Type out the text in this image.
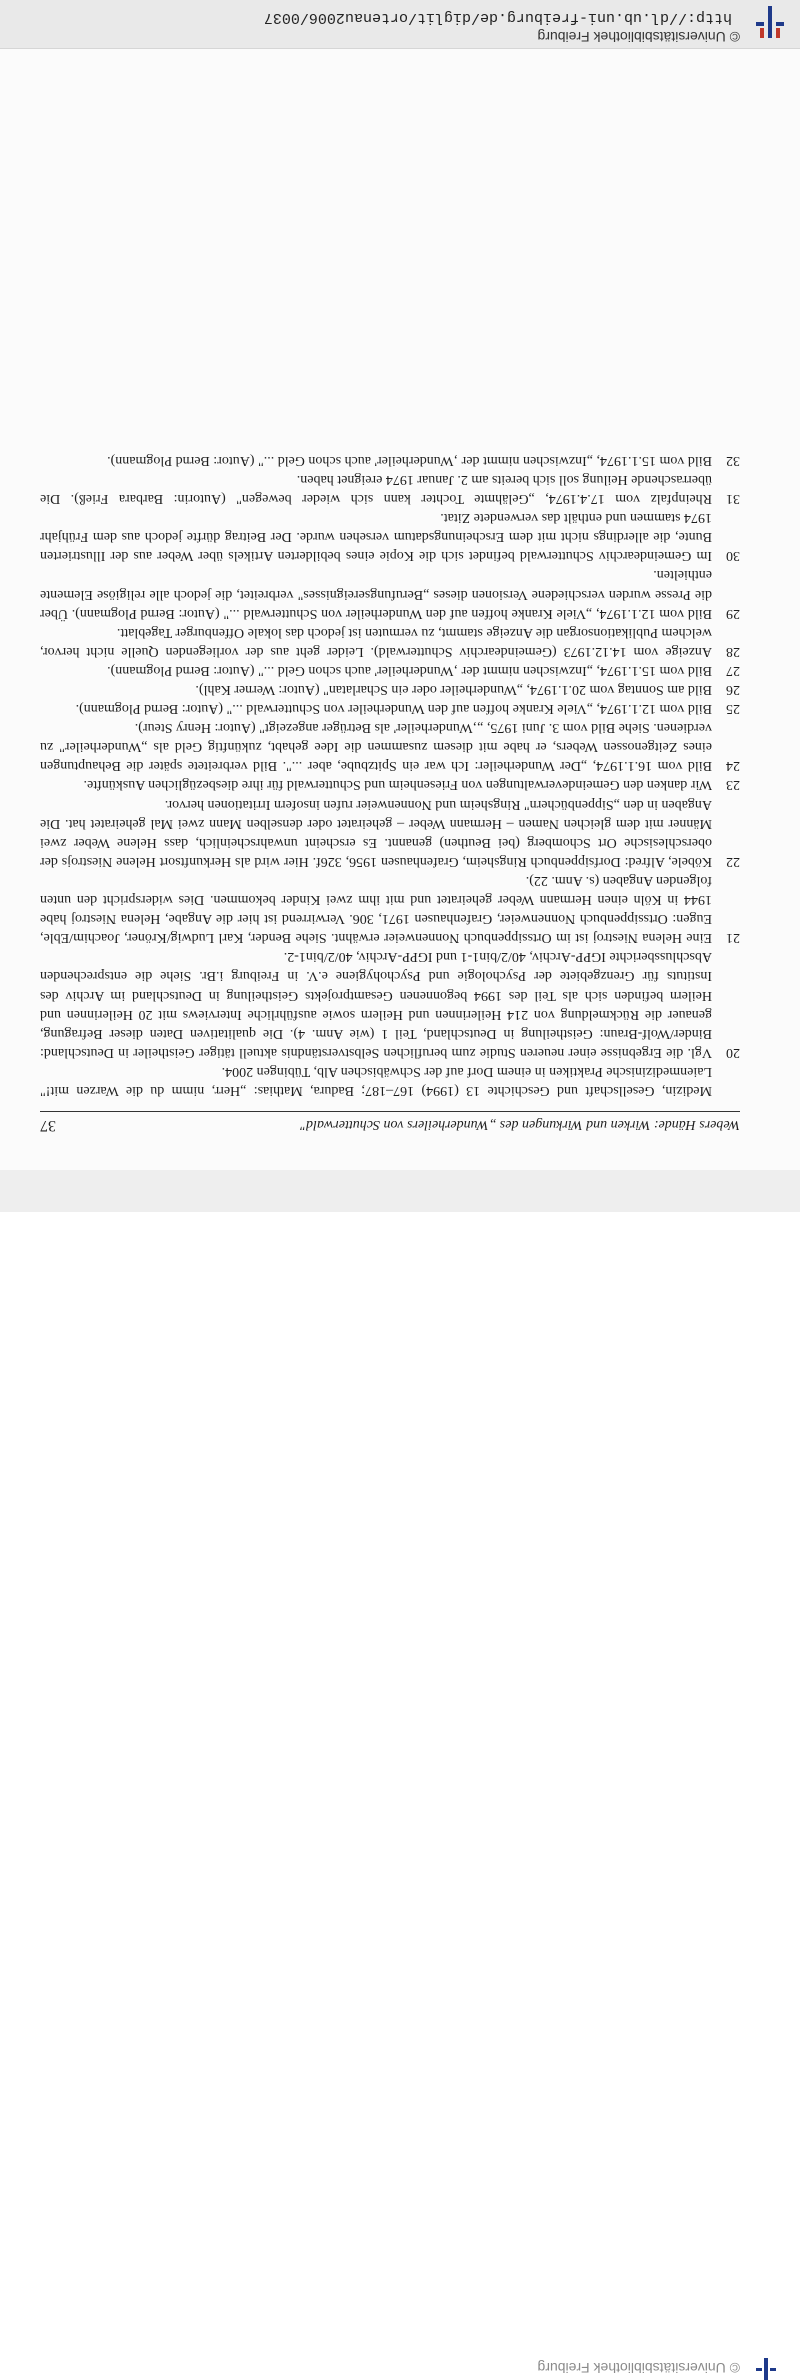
http://dl.ub.uni-freiburg.de/diglit/ortenau2006/0037
© Universitätsbibliothek Freiburg
Webers Hände: Wirken und Wirkungen des „Wunderheilers von Schutterwald"
37
Medizin, Gesellschaft und Geschichte 13 (1994) 167–187; Badura, Mathias: „Herr, nimm du die Warzen mit!" Laienmedizinische Praktiken in einem Dorf auf der Schwäbischen Alb, Tübingen 2004.
20
Vgl. die Ergebnisse einer neueren Studie zum beruflichen Selbstverständnis aktuell tätiger Geistheiler in Deutschland: Binder/Wolf-Braun: Geistheilung in Deutschland, Teil 1 (wie Anm. 4). Die qualitativen Daten dieser Befragung, genauer die Rückmeldung von 214 Heilerinnen und Heilern sowie ausführliche Interviews mit 20 Heilerinnen und Heilern befinden sich als Teil des 1994 begonnenen Gesamtprojekts Geistheilung in Deutschland im Archiv des Instituts für Grenzgebiete der Psychologie und Psychohygiene e.V. in Freiburg i.Br. Siehe die entsprechenden Abschlussberichte IGPP-Archiv, 40/2/bin1-1 und IGPP-Archiv, 40/2/bin1-2.
21
Eine Helena Niestroj ist im Ortssippenbuch Nonnenweier erwähnt. Siehe Bender, Karl Ludwig/Kröner, Joachim/Eble, Eugen: Ortssippenbuch Nonnenweier, Grafenhausen 1971, 306. Verwirrend ist hier die Angabe, Helena Niestroj habe 1944 in Köln einen Hermann Weber geheiratet und mit ihm zwei Kinder bekommen. Dies widerspricht den unten folgenden Angaben (s. Anm. 22).
22
Köbele, Alfred: Dorfsippenbuch Ringsheim, Grafenhausen 1956, 326f. Hier wird als Herkunftsort Helene Niestrojs der oberschlesische Ort Schomberg (bei Beuthen) genannt. Es erscheint unwahrscheinlich, dass Helene Weber zwei Männer mit dem gleichen Namen – Hermann Weber – geheiratet oder denselben Mann zwei Mal geheiratet hat. Die Angaben in den „Sippenbüchern" Ringsheim und Nonnenweier rufen insofern Irritationen hervor.
23
Wir danken den Gemeindeverwaltungen von Friesenheim und Schutterwald für ihre diesbezüglichen Auskünfte.
24
Bild vom 16.1.1974, „Der Wunderheiler: Ich war ein Spitzbube, aber ...". Bild verbreitete später die Behauptungen eines Zeitgenossen Webers, er habe mit diesem zusammen die Idee gehabt, zukünftig Geld als „Wunderheiler" zu verdienen. Siehe Bild vom 3. Juni 1975, „‚Wunderheiler' als Betrüger angezeigt" (Autor: Henry Steur).
25
Bild vom 12.1.1974, „Viele Kranke hoffen auf den Wunderheiler von Schutterwald ..." (Autor: Bernd Plogmann).
26
Bild am Sonntag vom 20.1.1974, „Wunderheiler oder ein Scharlatan" (Autor: Werner Kahl).
27
Bild vom 15.1.1974, „Inzwischen nimmt der ‚Wunderheiler' auch schon Geld ..." (Autor: Bernd Plogmann).
28
Anzeige vom 14.12.1973 (Gemeindearchiv Schutterwald). Leider geht aus der vorliegenden Quelle nicht hervor, welchem Publikationsorgan die Anzeige stammt, zu vermuten ist jedoch das lokale Offenburger Tageblatt.
29
Bild vom 12.1.1974, „Viele Kranke hoffen auf den Wunderheiler von Schutterwald ..." (Autor: Bernd Plogmann). Über die Presse wurden verschiedene Versionen dieses „Berufungsereignisses" verbreitet, die jedoch alle religiöse Elemente enthielten.
30
Im Gemeindearchiv Schutterwald befindet sich die Kopie eines bebilderten Artikels über Weber aus der Illustrierten Bunte, die allerdings nicht mit dem Erscheinungsdatum versehen wurde. Der Beitrag dürfte jedoch aus dem Frühjahr 1974 stammen und enthält das verwendete Zitat.
31
Rheinpfalz vom 17.4.1974, „Gelähmte Tochter kann sich wieder bewegen" (Autorin: Barbara Frieß). Die überraschende Heilung soll sich bereits am 2. Januar 1974 ereignet haben.
32
Bild vom 15.1.1974, „Inzwischen nimmt der ‚Wunderheiler' auch schon Geld ..." (Autor: Bernd Plogmann).
© Universitätsbibliothek Freiburg
